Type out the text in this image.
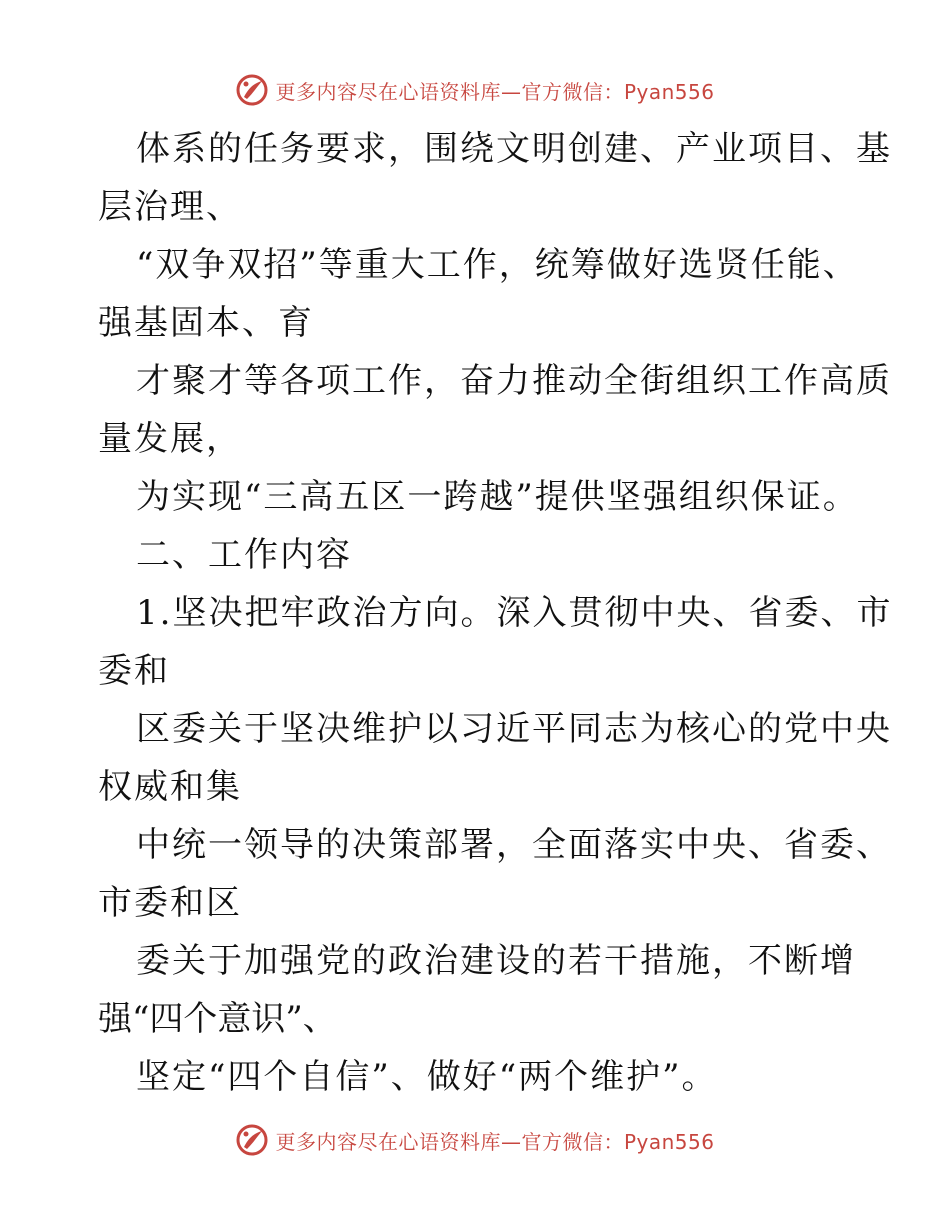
更多内容尽在心语资料库—官方微信：Pyan556
体系的任务要求，围绕文明创建、产业项目、基
层治理、
“双争双招”等重大工作，统筹做好选贤任能、
强基固本、育
才聚才等各项工作，奋力推动全街组织工作高质
量发展，
为实现“三高五区一跨越”提供坚强组织保证。
二、工作内容
1.坚决把牢政治方向。深入贯彻中央、省委、市
委和
区委关于坚决维护以习近平同志为核心的党中央
权威和集
中统一领导的决策部署，全面落实中央、省委、
市委和区
委关于加强党的政治建设的若干措施，不断增
强“四个意识”、
坚定“四个自信”、做好“两个维护”。
更多内容尽在心语资料库—官方微信：Pyan556
